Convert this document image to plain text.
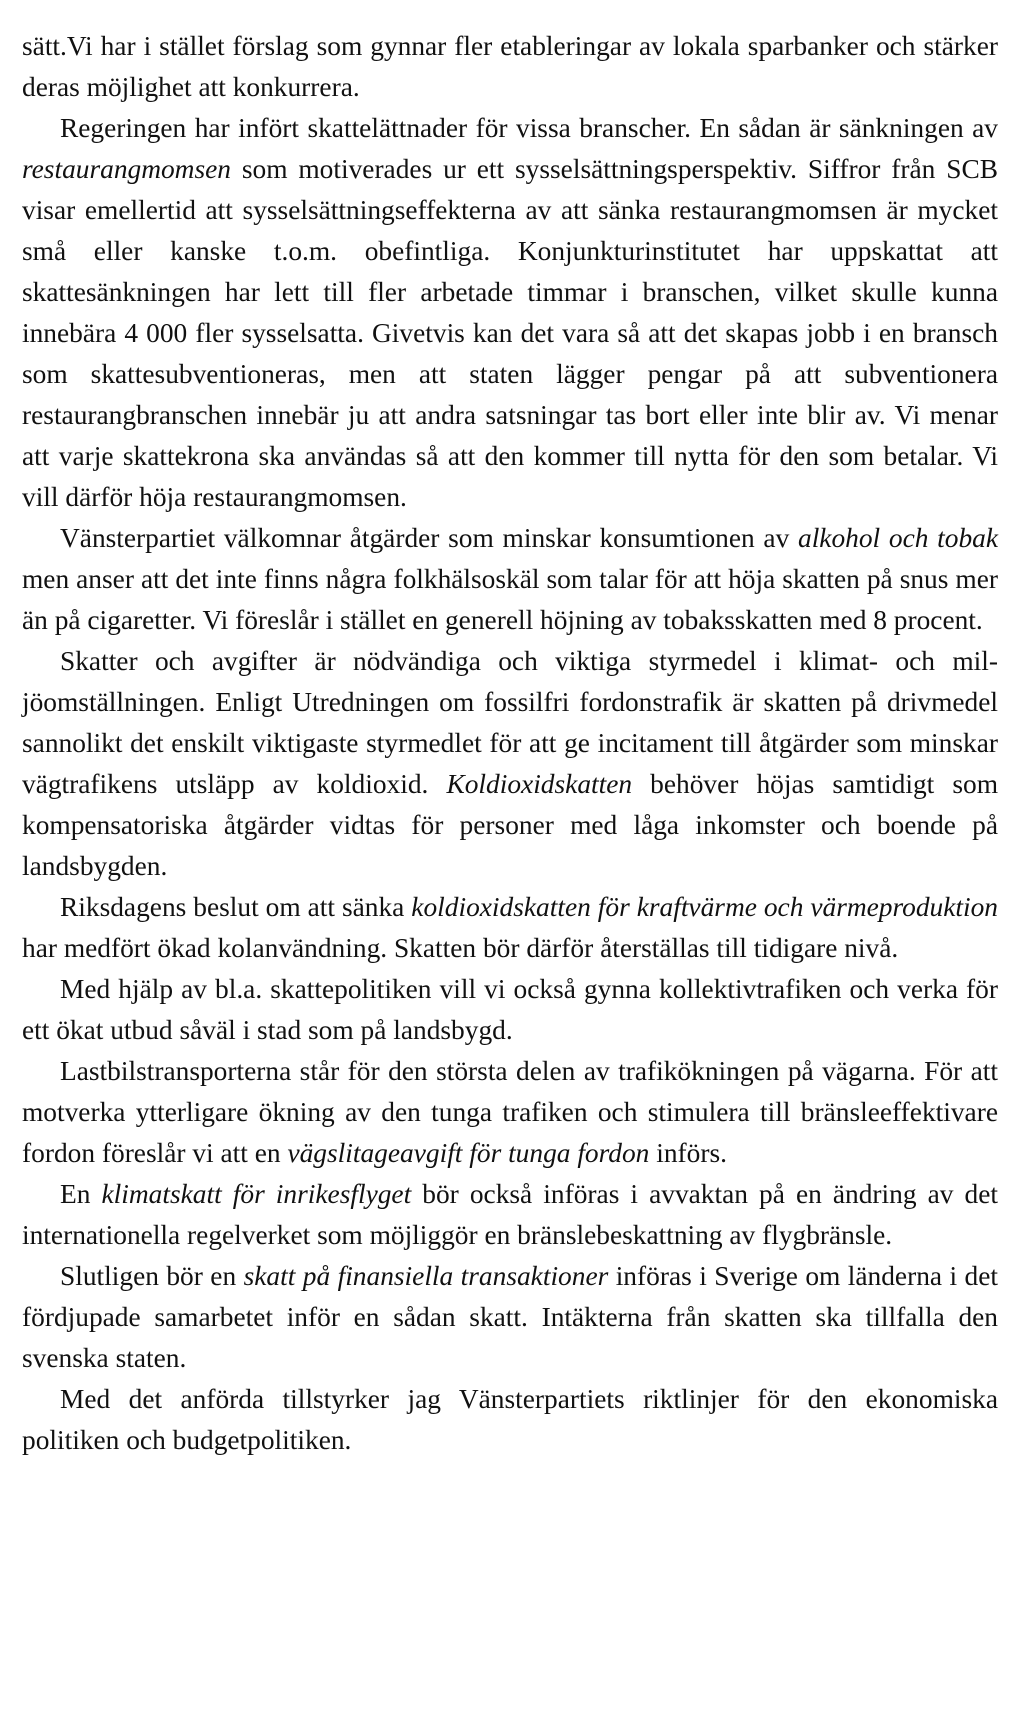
sätt.Vi har i stället förslag som gynnar fler etableringar av lokala sparbanker och stärker deras möjlighet att konkurrera.

Regeringen har infört skattelättnader för vissa branscher. En sådan är sänkningen av restaurangmomsen som motiverades ur ett sysselsättningsperspektiv. Siffror från SCB visar emellertid att sysselsättningseffekterna av att sänka restaurangmomsen är mycket små eller kanske t.o.m. obefintliga. Konjunkturinstitutet har uppskattat att skattesänkningen har lett till fler arbetade timmar i branschen, vilket skulle kunna innebära 4 000 fler sysselsatta. Givetvis kan det vara så att det skapas jobb i en bransch som skattesubventioneras, men att staten lägger pengar på att subventionera restaurangbranschen innebär ju att andra satsningar tas bort eller inte blir av. Vi menar att varje skattekrona ska användas så att den kommer till nytta för den som betalar. Vi vill därför höja restaurangmomsen.

Vänsterpartiet välkomnar åtgärder som minskar konsumtionen av alkohol och tobak men anser att det inte finns några folkhälsoskäl som talar för att höja skatten på snus mer än på cigaretter. Vi föreslår i stället en generell höjning av tobaksskatten med 8 procent.

Skatter och avgifter är nödvändiga och viktiga styrmedel i klimat- och miljöomställningen. Enligt Utredningen om fossilfri fordonstrafik är skatten på drivmedel sannolikt det enskilt viktigaste styrmedlet för att ge incitament till åtgärder som minskar vägtrafikens utsläpp av koldioxid. Koldioxidskatten behöver höjas samtidigt som kompensatoriska åtgärder vidtas för personer med låga inkomster och boende på landsbygden.

Riksdagens beslut om att sänka koldioxidskatten för kraftvärme och värmeproduktion har medfört ökad kolanvändning. Skatten bör därför återställas till tidigare nivå.

Med hjälp av bl.a. skattepolitiken vill vi också gynna kollektivtrafiken och verka för ett ökat utbud såväl i stad som på landsbygd.

Lastbilstransporterna står för den största delen av trafikökningen på vägarna. För att motverka ytterligare ökning av den tunga trafiken och stimulera till bränsleeffektivare fordon föreslår vi att en vägslitageavgift för tunga fordon införs.

En klimatskatt för inrikesflyget bör också införas i avvaktan på en ändring av det internationella regelverket som möjliggör en bränslebeskattning av flygbränsle.

Slutligen bör en skatt på finansiella transaktioner införas i Sverige om länderna i det fördjupade samarbetet inför en sådan skatt. Intäkterna från skatten ska tillfalla den svenska staten.

Med det anförda tillstyrker jag Vänsterpartiets riktlinjer för den ekonomiska politiken och budgetpolitiken.
